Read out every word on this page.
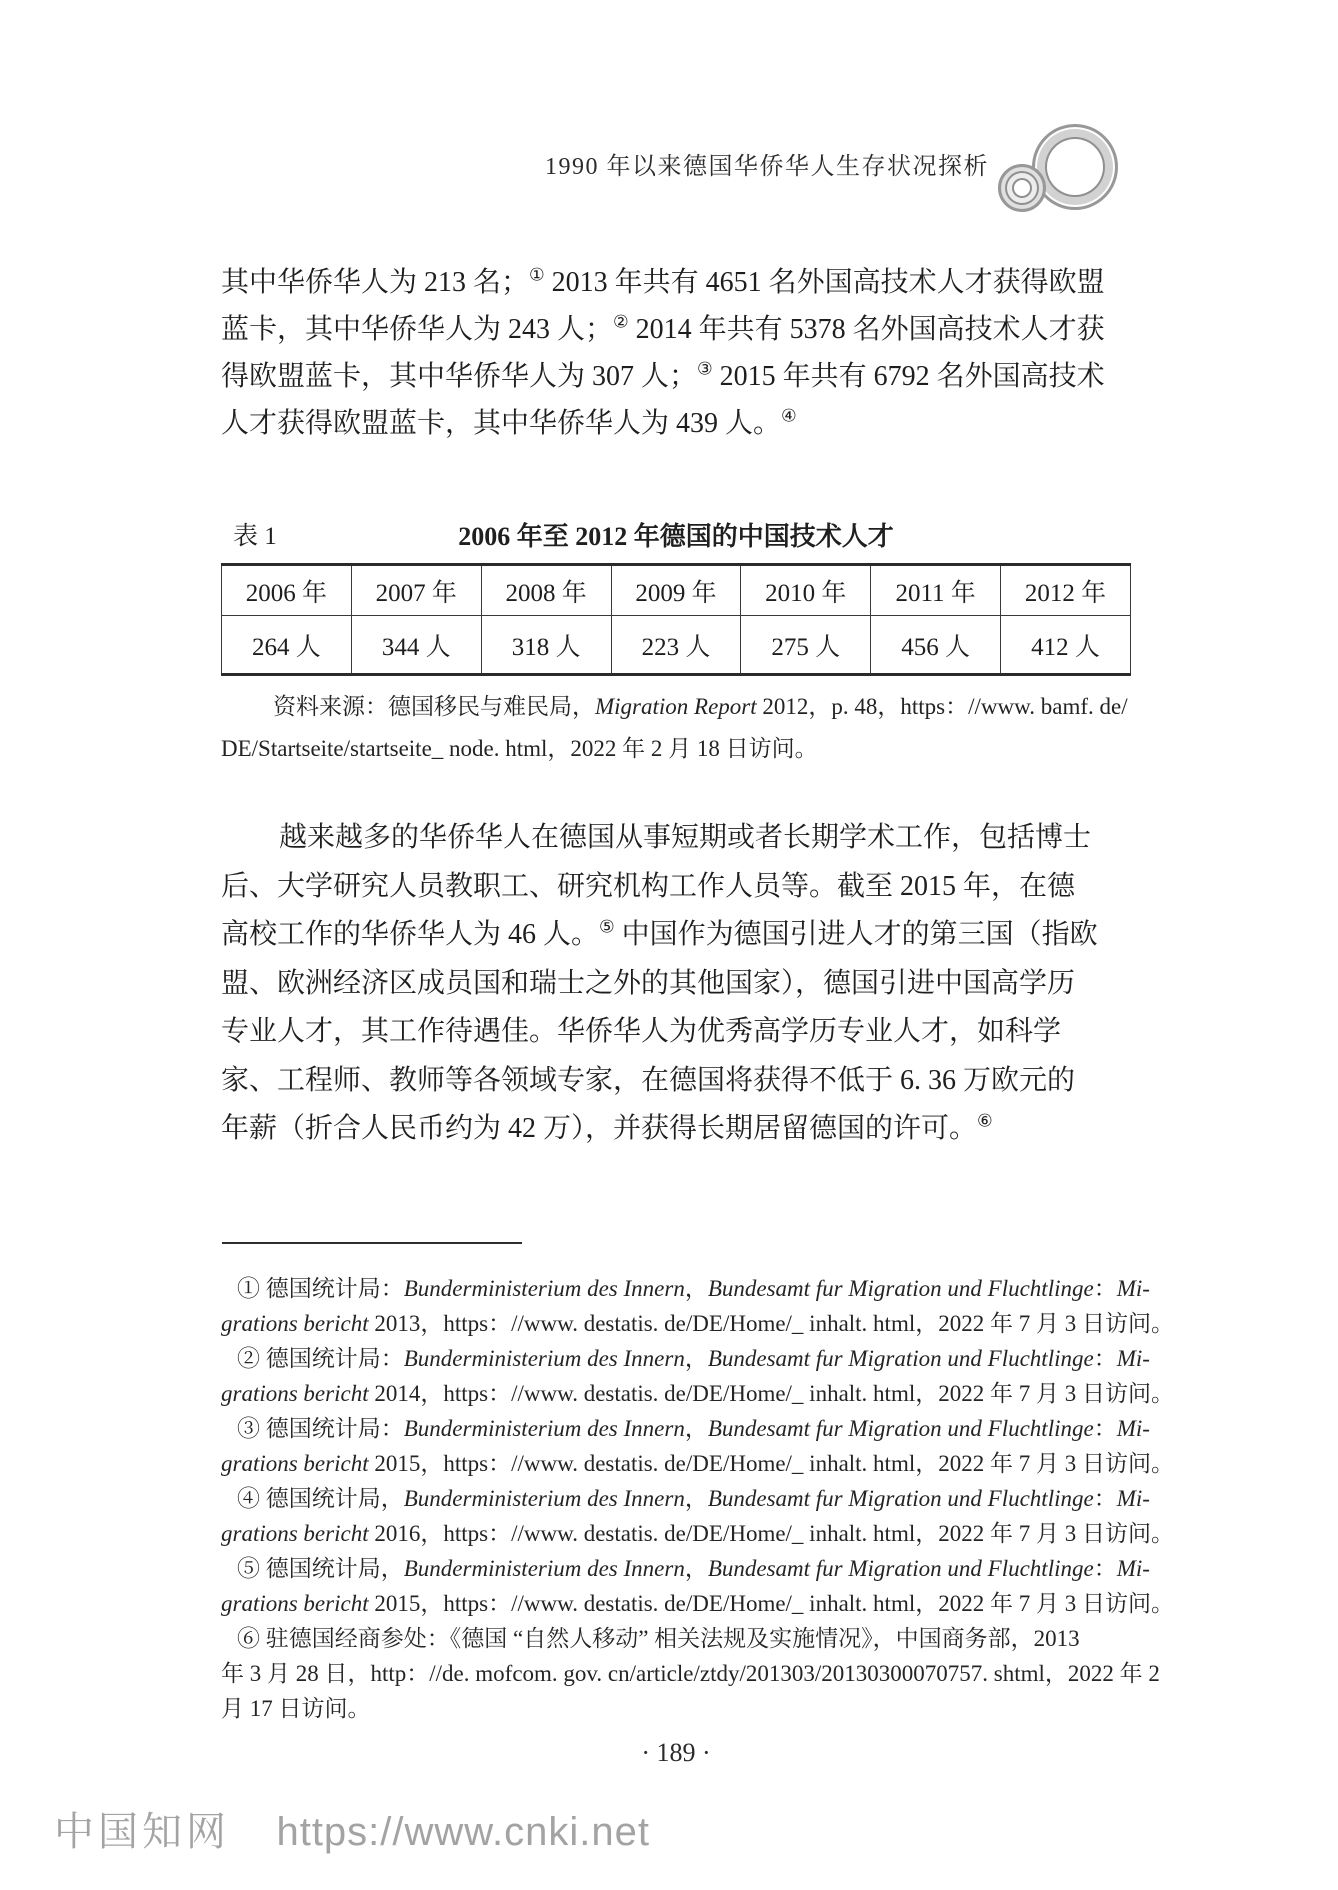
1990 年以来德国华侨华人生存状况探析
其中华侨华人为 213 名；① 2013 年共有 4651 名外国高技术人才获得欧盟
蓝卡，其中华侨华人为 243 人；② 2014 年共有 5378 名外国高技术人才获
得欧盟蓝卡，其中华侨华人为 307 人；③ 2015 年共有 6792 名外国高技术
人才获得欧盟蓝卡，其中华侨华人为 439 人。④
表 1	2006 年至 2012 年德国的中国技术人才
2006 年	2007 年	2008 年	2009 年	2010 年	2011 年	2012 年
264 人	344 人	318 人	223 人	275 人	456 人	412 人
资料来源：德国移民与难民局，Migration Report 2012，p. 48，https：//www. bamf. de/
DE/Startseite/startseite_ node. html，2022 年 2 月 18 日访问。
越来越多的华侨华人在德国从事短期或者长期学术工作，包括博士
后、大学研究人员教职工、研究机构工作人员等。截至 2015 年，在德
高校工作的华侨华人为 46 人。⑤ 中国作为德国引进人才的第三国（指欧
盟、欧洲经济区成员国和瑞士之外的其他国家），德国引进中国高学历
专业人才，其工作待遇佳。华侨华人为优秀高学历专业人才，如科学
家、工程师、教师等各领域专家，在德国将获得不低于 6. 36 万欧元的
年薪（折合人民币约为 42 万），并获得长期居留德国的许可。⑥
① 德国统计局：Bunderministerium des Innern，Bundesamt fur Migration und Fluchtlinge：Mi-
grations bericht 2013，https：//www. destatis. de/DE/Home/_ inhalt. html，2022 年 7 月 3 日访问。
② 德国统计局：Bunderministerium des Innern，Bundesamt fur Migration und Fluchtlinge：Mi-
grations bericht 2014，https：//www. destatis. de/DE/Home/_ inhalt. html，2022 年 7 月 3 日访问。
③ 德国统计局：Bunderministerium des Innern，Bundesamt fur Migration und Fluchtlinge：Mi-
grations bericht 2015，https：//www. destatis. de/DE/Home/_ inhalt. html，2022 年 7 月 3 日访问。
④ 德国统计局，Bunderministerium des Innern，Bundesamt fur Migration und Fluchtlinge：Mi-
grations bericht 2016，https：//www. destatis. de/DE/Home/_ inhalt. html，2022 年 7 月 3 日访问。
⑤ 德国统计局，Bunderministerium des Innern，Bundesamt fur Migration und Fluchtlinge：Mi-
grations bericht 2015，https：//www. destatis. de/DE/Home/_ inhalt. html，2022 年 7 月 3 日访问。
⑥ 驻德国经商参处：《德国 “自然人移动” 相关法规及实施情况》，中国商务部，2013
年 3 月 28 日，http：//de. mofcom. gov. cn/article/ztdy/201303/20130300070757. shtml，2022 年 2
月 17 日访问。
· 189 ·
中国知网 https://www.cnki.net
